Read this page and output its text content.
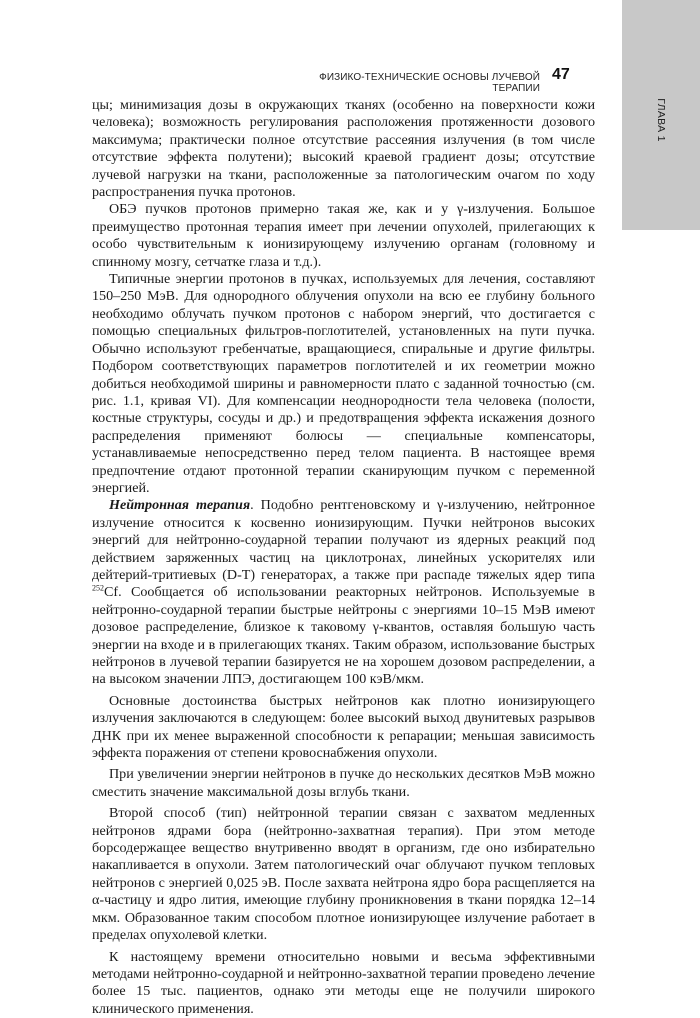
ГЛАВА 1
ФИЗИКО-ТЕХНИЧЕСКИЕ ОСНОВЫ ЛУЧЕВОЙ ТЕРАПИИ
47

цы; минимизация дозы в окружающих тканях (особенно на поверхности кожи человека); возможность регулирования расположения протяженности дозового максимума; практически полное отсутствие рассеяния излучения (в том числе отсутствие эффекта полутени); высокий краевой градиент дозы; отсутствие лучевой нагрузки на ткани, расположенные за патологическим очагом по ходу распространения пучка протонов.

ОБЭ пучков протонов примерно такая же, как и у γ-излучения. Большое преимущество протонная терапия имеет при лечении опухолей, прилегающих к особо чувствительным к ионизирующему излучению органам (головному и спинному мозгу, сетчатке глаза и т.д.).

Типичные энергии протонов в пучках, используемых для лечения, составляют 150–250 МэВ. Для однородного облучения опухоли на всю ее глубину больного необходимо облучать пучком протонов с набором энергий, что достигается с помощью специальных фильтров-поглотителей, установленных на пути пучка. Обычно используют гребенчатые, вращающиеся, спиральные и другие фильтры. Подбором соответствующих параметров поглотителей и их геометрии можно добиться необходимой ширины и равномерности плато с заданной точностью (см. рис. 1.1, кривая VI). Для компенсации неоднородности тела человека (полости, костные структуры, сосуды и др.) и предотвращения эффекта искажения дозного распределения применяют болюсы — специальные компенсаторы, устанавливаемые непосредственно перед телом пациента. В настоящее время предпочтение отдают протонной терапии сканирующим пучком с переменной энергией.

Нейтронная терапия. Подобно рентгеновскому и γ-излучению, нейтронное излучение относится к косвенно ионизирующим. Пучки нейтронов высоких энергий для нейтронно-соударной терапии получают из ядерных реакций под действием заряженных частиц на циклотронах, линейных ускорителях или дейтерий-тритиевых (D-T) генераторах, а также при распаде тяжелых ядер типа $^{252}$Cf. Сообщается об использовании реакторных нейтронов. Используемые в нейтронно-соударной терапии быстрые нейтроны с энергиями 10–15 МэВ имеют дозовое распределение, близкое к таковому γ-квантов, оставляя большую часть энергии на входе и в прилегающих тканях. Таким образом, использование быстрых нейтронов в лучевой терапии базируется не на хорошем дозовом распределении, а на высоком значении ЛПЭ, достигающем 100 кэВ/мкм.

Основные достоинства быстрых нейтронов как плотно ионизирующего излучения заключаются в следующем: более высокий выход двунитевых разрывов ДНК при их менее выраженной способности к репарации; меньшая зависимость эффекта поражения от степени кровоснабжения опухоли.

При увеличении энергии нейтронов в пучке до нескольких десятков МэВ можно сместить значение максимальной дозы вглубь ткани.

Второй способ (тип) нейтронной терапии связан с захватом медленных нейтронов ядрами бора (нейтронно-захватная терапия). При этом методе борсодержащее вещество внутривенно вводят в организм, где оно избирательно накапливается в опухоли. Затем патологический очаг облучают пучком тепловых нейтронов с энергией 0,025 эВ. После захвата нейтрона ядро бора расщепляется на α-частицу и ядро лития, имеющие глубину проникновения в ткани порядка 12–14 мкм. Образованное таким способом плотное ионизирующее излучение работает в пределах опухолевой клетки.

К настоящему времени относительно новыми и весьма эффективными методами нейтронно-соударной и нейтронно-захватной терапии проведено лечение более 15 тыс. пациентов, однако эти методы еще не получили широкого клинического применения.
